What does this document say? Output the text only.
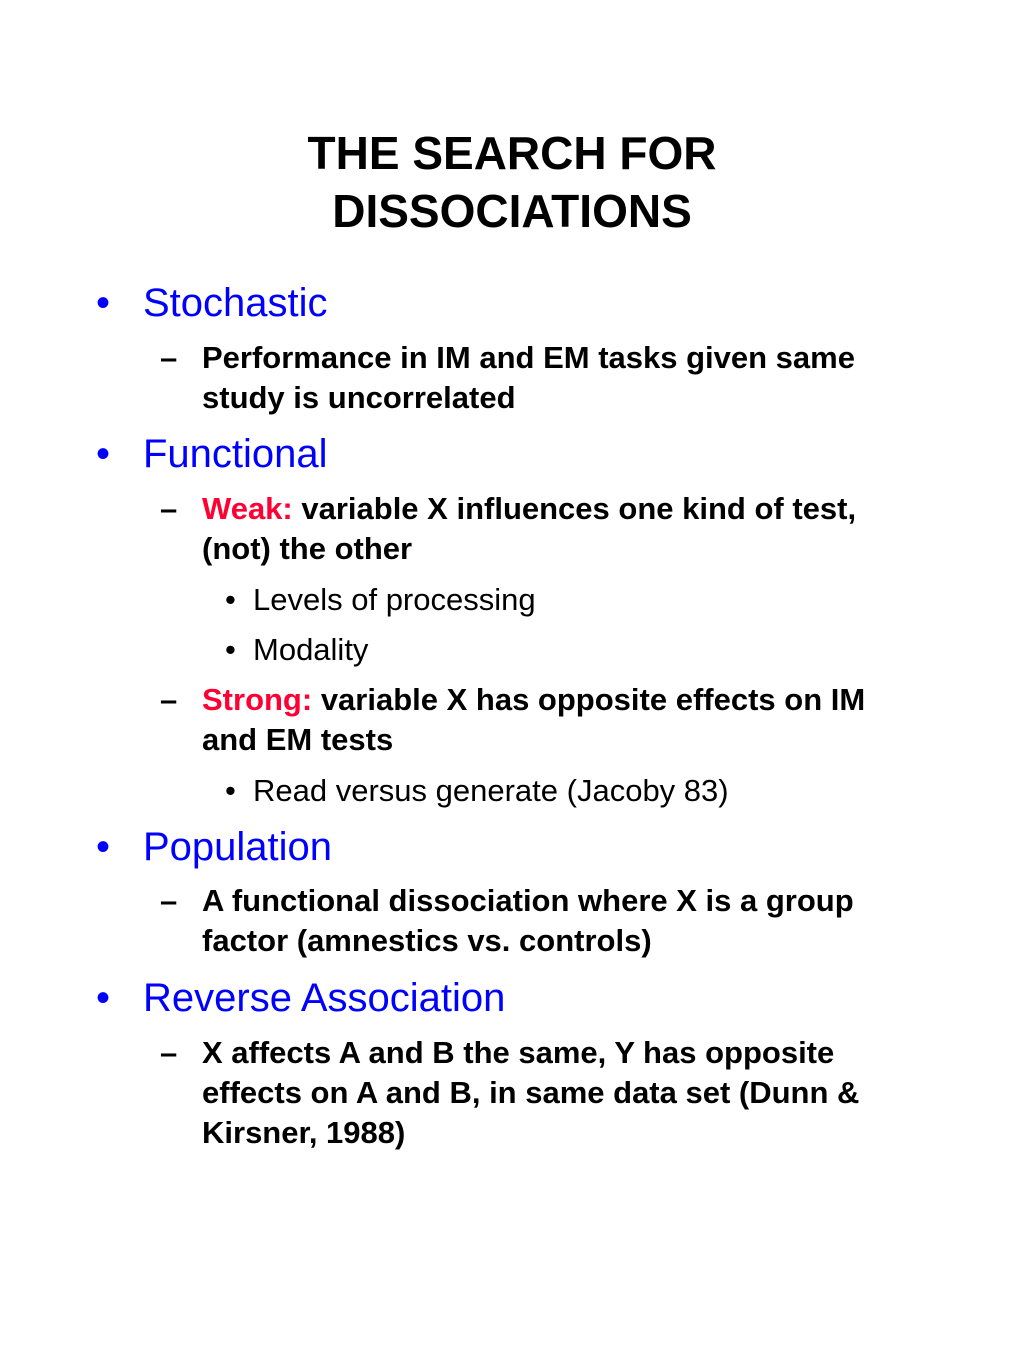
THE SEARCH FOR
DISSOCIATIONS
• Stochastic
– Performance in IM and EM tasks given same study is uncorrelated
• Functional
– Weak: variable X influences one kind of test, (not) the other
• Levels of processing
• Modality
– Strong: variable X has opposite effects on IM and EM tests
• Read versus generate (Jacoby 83)
• Population
– A functional dissociation where X is a group factor (amnestics vs. controls)
• Reverse Association
– X affects A and B the same, Y has opposite effects on A and B, in same data set (Dunn & Kirsner, 1988)
